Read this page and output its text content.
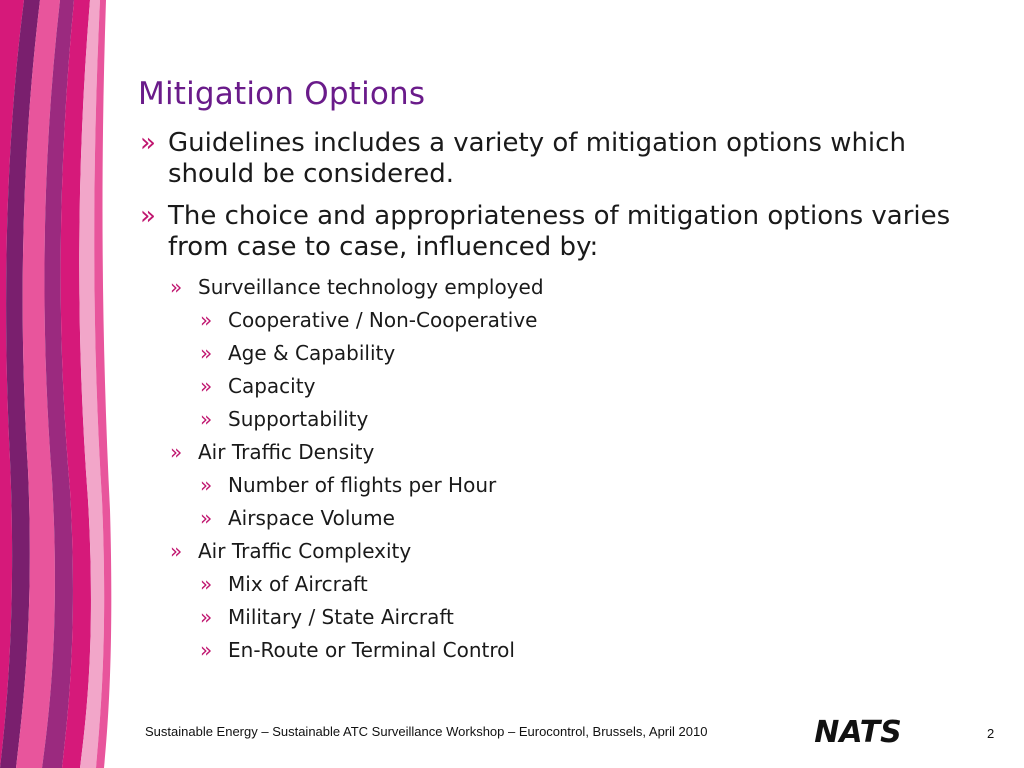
Mitigation Options
» Guidelines includes a variety of mitigation options which should be considered.
» The choice and appropriateness of mitigation options varies from case to case, influenced by:
» Surveillance technology employed
» Cooperative / Non-Cooperative
» Age & Capability
» Capacity
» Supportability
» Air Traffic Density
» Number of flights per Hour
» Airspace Volume
» Air Traffic Complexity
» Mix of Aircraft
» Military / State Aircraft
» En-Route or Terminal Control
Sustainable Energy – Sustainable ATC Surveillance Workshop – Eurocontrol, Brussels, April 2010	NATS	2
